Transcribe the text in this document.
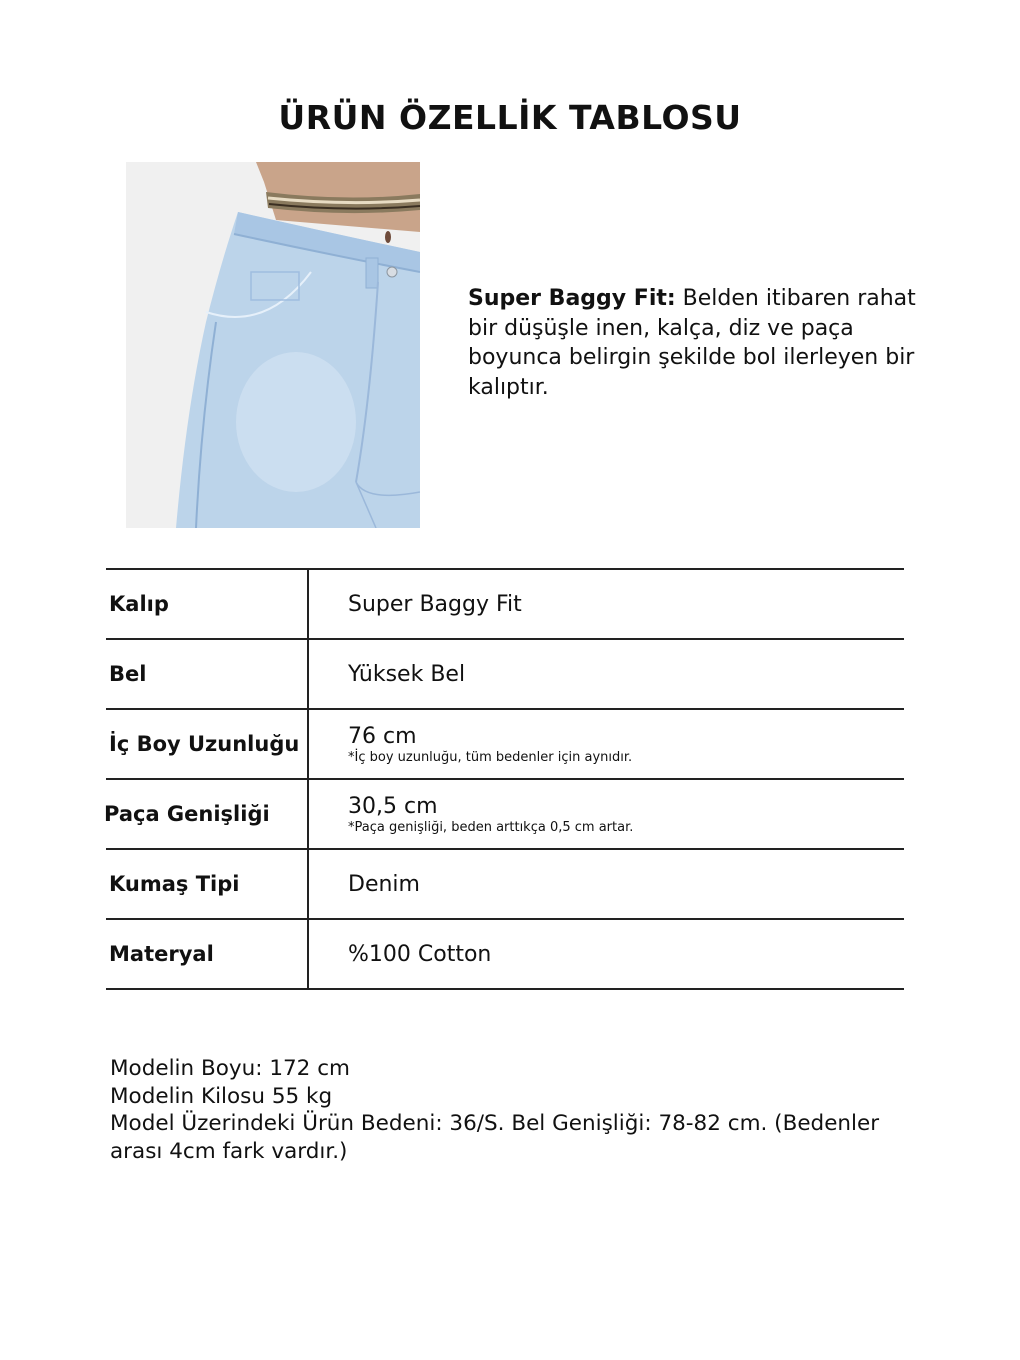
ÜRÜN ÖZELLİK TABLOSU
Super Baggy Fit: Belden itibaren rahat bir düşüşle inen, kalça, diz ve paça boyunca belirgin şekilde bol ilerleyen bir kalıptır.
Kalıp	Super Baggy Fit
Bel	Yüksek Bel
İç Boy Uzunluğu	76 cm
*İç boy uzunluğu, tüm bedenler için aynıdır.
Paça Genişliği	30,5 cm
*Paça genişliği, beden arttıkça 0,5 cm artar.
Kumaş Tipi	Denim
Materyal	%100 Cotton
Modelin Boyu: 172 cm
Modelin Kilosu 55 kg
Model Üzerindeki Ürün Bedeni: 36/S. Bel Genişliği: 78-82 cm. (Bedenler arası 4cm fark vardır.)
